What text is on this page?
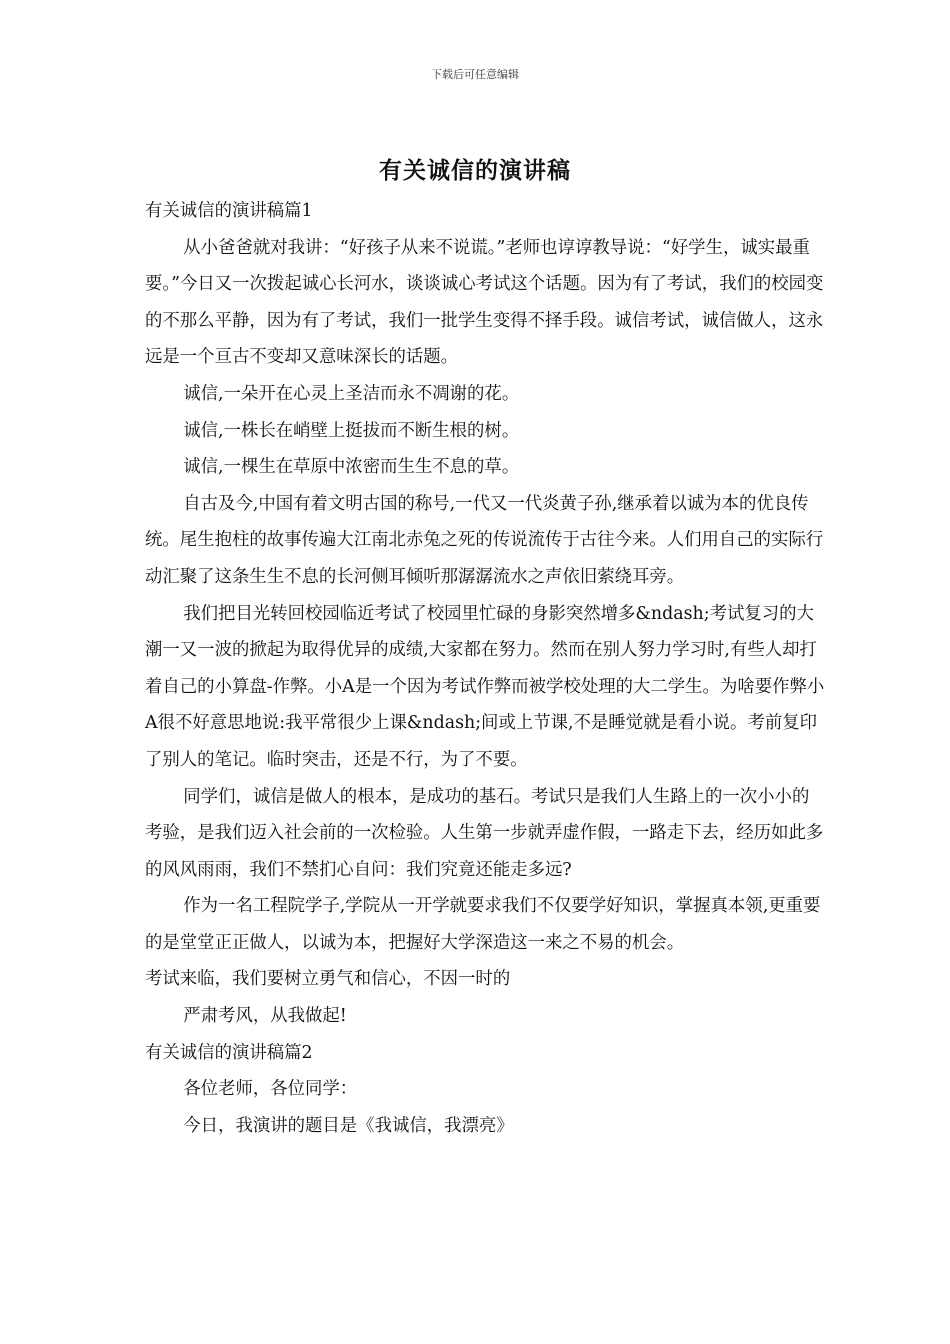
下载后可任意编辑
有关诚信的演讲稿

有关诚信的演讲稿篇1

从小爸爸就对我讲：“好孩子从来不说谎。”老师也谆谆教导说：“好学生，诚实最重要。”今日又一次拨起诚心长河水，谈谈诚心考试这个话题。因为有了考试，我们的校园变的不那么平静，因为有了考试，我们一批学生变得不择手段。诚信考试，诚信做人，这永远是一个亘古不变却又意味深长的话题。

诚信,一朵开在心灵上圣洁而永不凋谢的花。

诚信,一株长在峭壁上挺拔而不断生根的树。

诚信,一棵生在草原中浓密而生生不息的草。

自古及今,中国有着文明古国的称号,一代又一代炎黄子孙,继承着以诚为本的优良传统。尾生抱柱的故事传遍大江南北赤兔之死的传说流传于古往今来。人们用自己的实际行动汇聚了这条生生不息的长河侧耳倾听那潺潺流水之声依旧萦绕耳旁。

我们把目光转回校园临近考试了校园里忙碌的身影突然增多&ndash;考试复习的大潮一又一波的掀起为取得优异的成绩,大家都在努力。然而在别人努力学习时,有些人却打着自己的小算盘-作弊。小A是一个因为考试作弊而被学校处理的大二学生。为啥要作弊小A很不好意思地说:我平常很少上课&ndash;间或上节课,不是睡觉就是看小说。考前复印了别人的笔记。临时突击，还是不行，为了不要。

同学们，诚信是做人的根本，是成功的基石。考试只是我们人生路上的一次小小的考验，是我们迈入社会前的一次检验。人生第一步就弄虚作假，一路走下去，经历如此多的风风雨雨，我们不禁扪心自问：我们究竟还能走多远?

作为一名工程院学子,学院从一开学就要求我们不仅要学好知识，掌握真本领,更重要的是堂堂正正做人，以诚为本，把握好大学深造这一来之不易的机会。

考试来临，我们要树立勇气和信心，不因一时的

严肃考风，从我做起!

有关诚信的演讲稿篇2

各位老师，各位同学：

今日，我演讲的题目是《我诚信，我漂亮》
